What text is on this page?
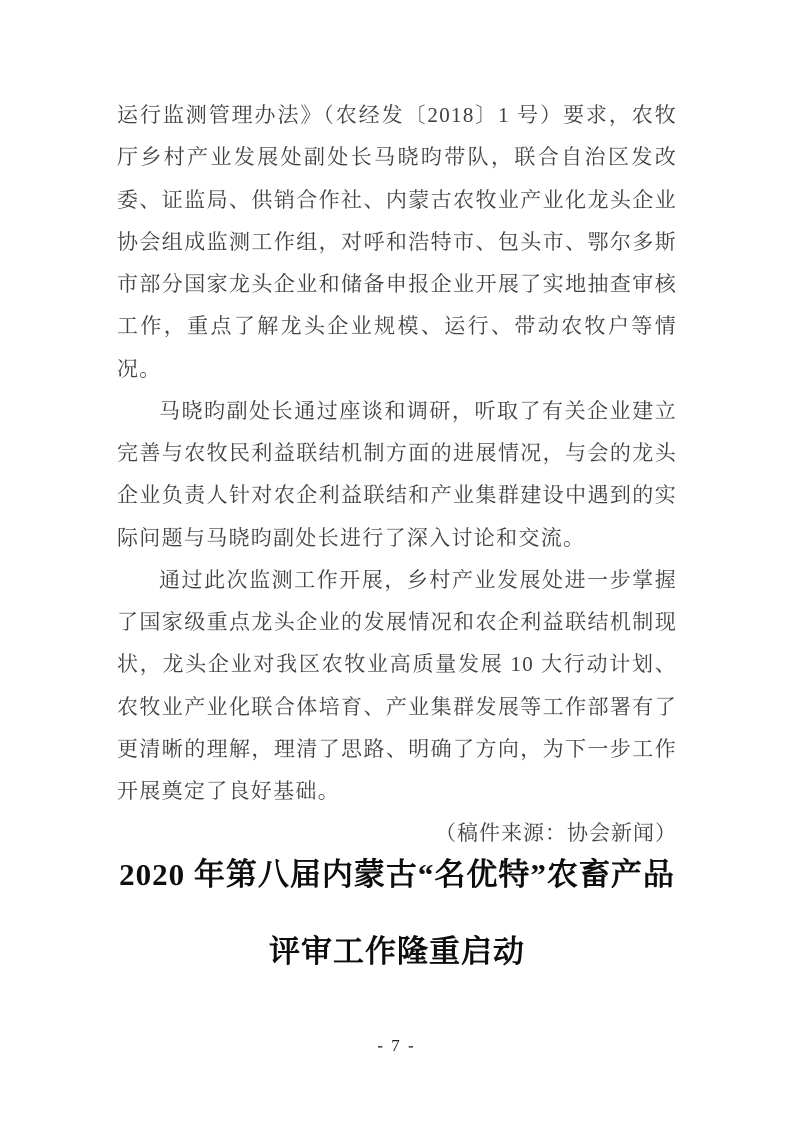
运行监测管理办法》（农经发〔2018〕1 号）要求，农牧厅乡村产业发展处副处长马晓昀带队，联合自治区发改委、证监局、供销合作社、内蒙古农牧业产业化龙头企业协会组成监测工作组，对呼和浩特市、包头市、鄂尔多斯市部分国家龙头企业和储备申报企业开展了实地抽查审核工作，重点了解龙头企业规模、运行、带动农牧户等情况。

马晓昀副处长通过座谈和调研，听取了有关企业建立完善与农牧民利益联结机制方面的进展情况，与会的龙头企业负责人针对农企利益联结和产业集群建设中遇到的实际问题与马晓昀副处长进行了深入讨论和交流。

通过此次监测工作开展，乡村产业发展处进一步掌握了国家级重点龙头企业的发展情况和农企利益联结机制现状，龙头企业对我区农牧业高质量发展 10 大行动计划、农牧业产业化联合体培育、产业集群发展等工作部署有了更清晰的理解，理清了思路、明确了方向，为下一步工作开展奠定了良好基础。

（稿件来源：协会新闻）

2020 年第八届内蒙古“名优特”农畜产品
评审工作隆重启动
- 7 -
